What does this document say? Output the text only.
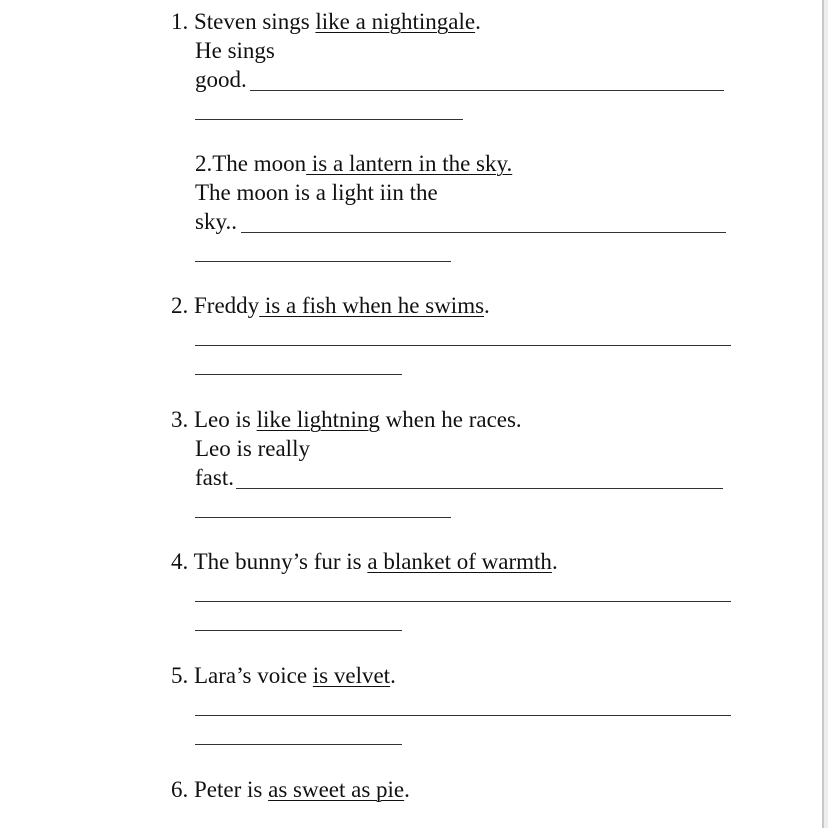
1. Steven sings like a nightingale.
He sings
good.
2.The moon is a lantern in the sky.
The moon is a light iin the
sky..
2. Freddy is a fish when he swims.
3. Leo is like lightning when he races.
Leo is really
fast.
4. The bunny’s fur is a blanket of warmth.
5. Lara’s voice is velvet.
6. Peter is as sweet as pie.
